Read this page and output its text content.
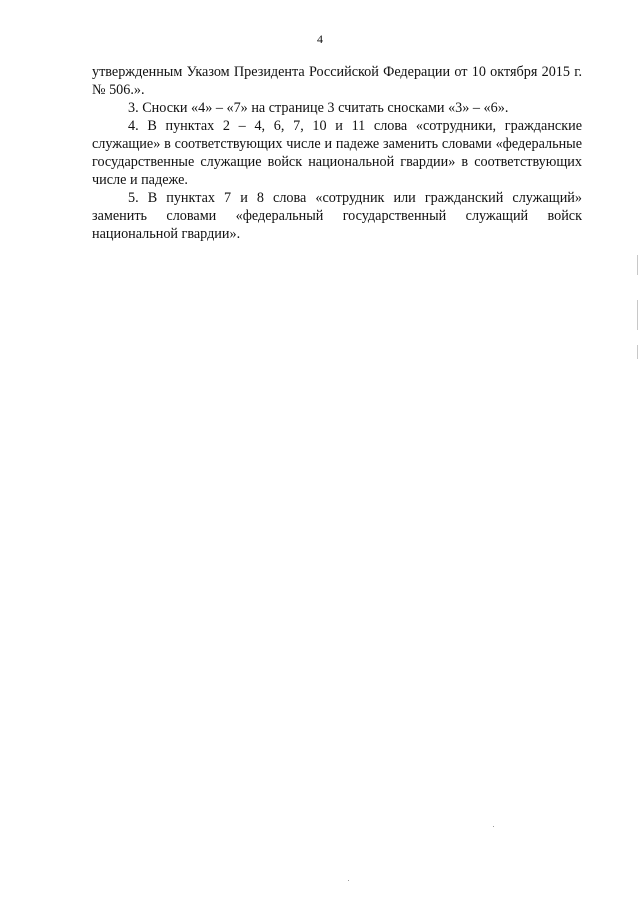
4

утвержденным Указом Президента Российской Федерации от 10 октября 2015 г. № 506.».

3. Сноски «4» – «7» на странице 3 считать сносками «3» – «6».

4. В пунктах 2 – 4, 6, 7, 10 и 11 слова «сотрудники, гражданские служащие» в соответствующих числе и падеже заменить словами «федеральные государственные служащие войск национальной гвардии» в соответствующих числе и падеже.

5. В пунктах 7 и 8 слова «сотрудник или гражданский служащий» заменить словами «федеральный государственный служащий войск национальной гвардии».
